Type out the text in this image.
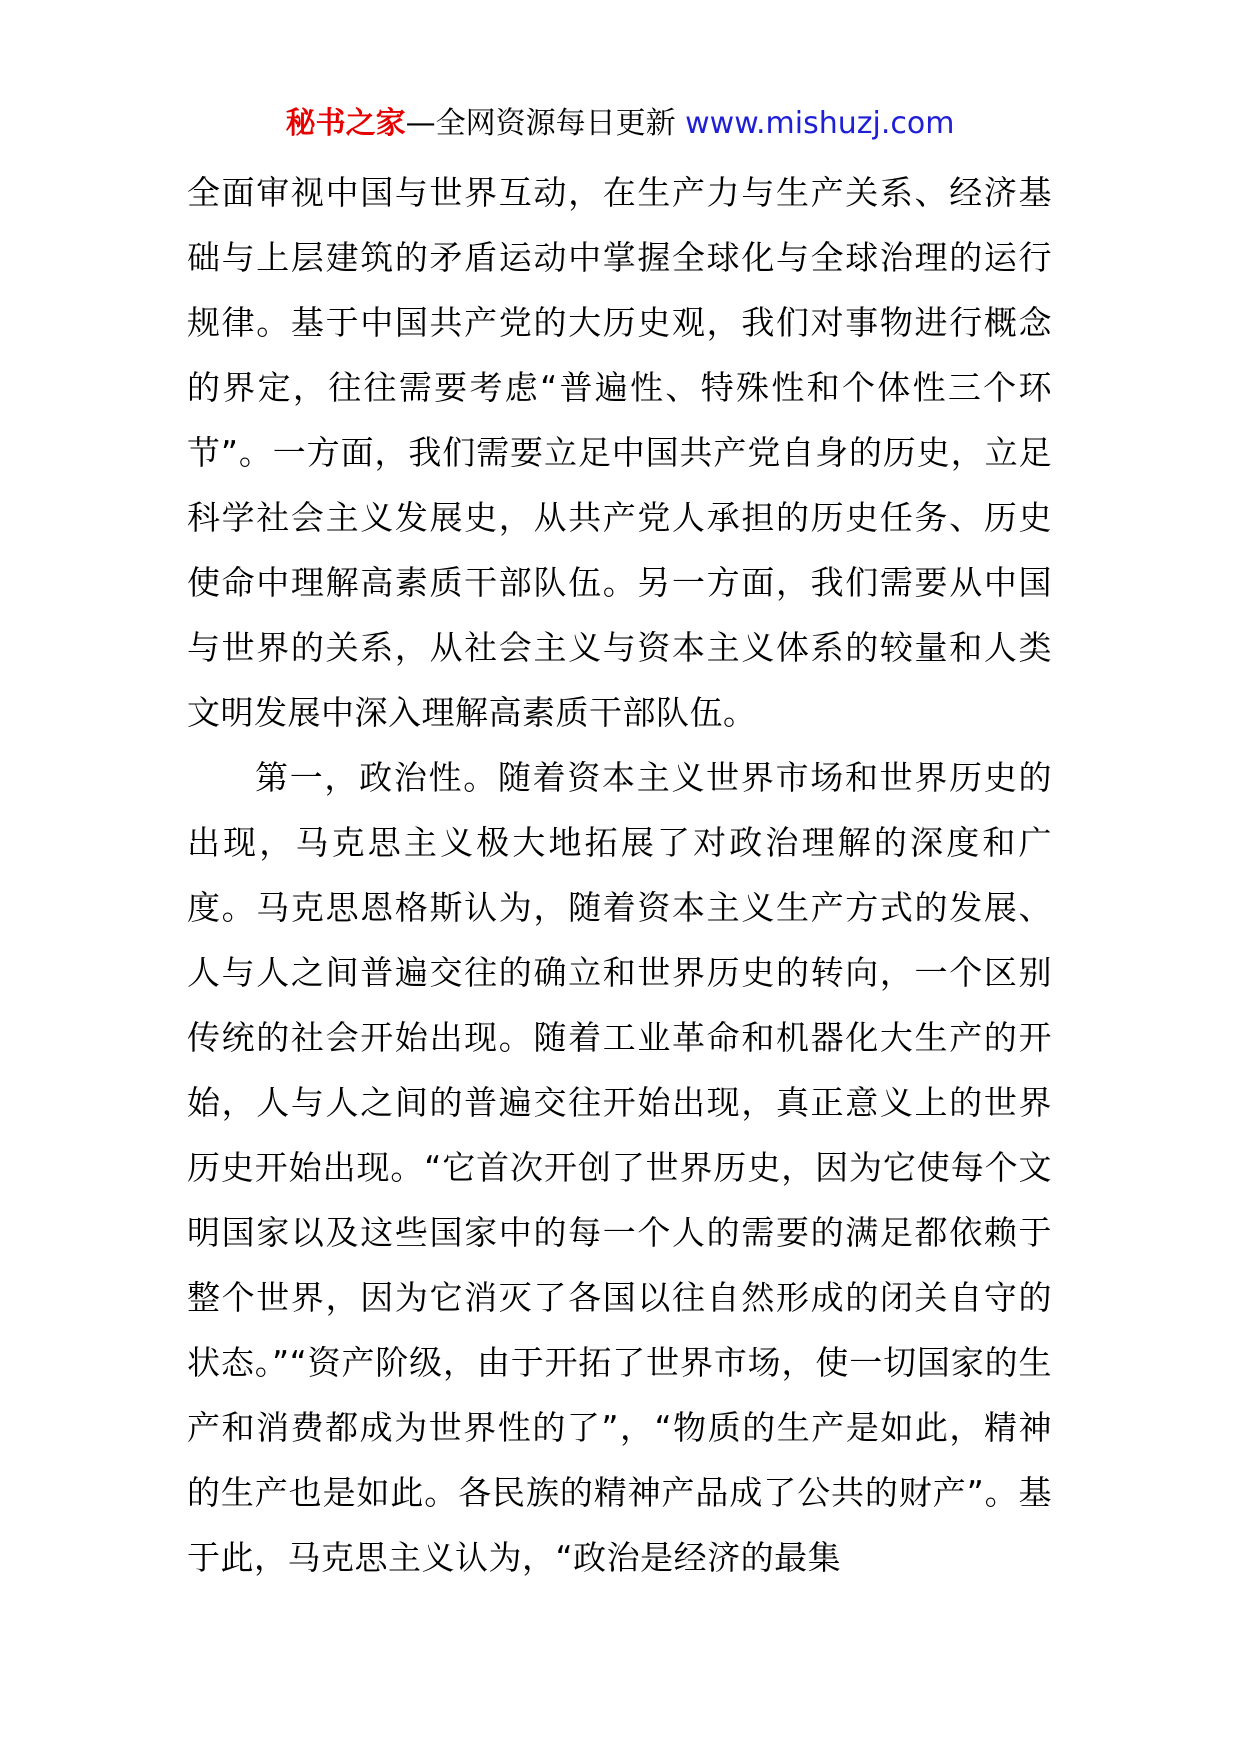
秘书之家—全网资源每日更新 www.mishuzj.com

全面审视中国与世界互动，在生产力与生产关系、经济基础与上层建筑的矛盾运动中掌握全球化与全球治理的运行规律。基于中国共产党的大历史观，我们对事物进行概念的界定，往往需要考虑“普遍性、特殊性和个体性三个环节”。一方面，我们需要立足中国共产党自身的历史，立足科学社会主义发展史，从共产党人承担的历史任务、历史使命中理解高素质干部队伍。另一方面，我们需要从中国与世界的关系，从社会主义与资本主义体系的较量和人类文明发展中深入理解高素质干部队伍。

第一，政治性。随着资本主义世界市场和世界历史的出现，马克思主义极大地拓展了对政治理解的深度和广度。马克思恩格斯认为，随着资本主义生产方式的发展、人与人之间普遍交往的确立和世界历史的转向，一个区别传统的社会开始出现。随着工业革命和机器化大生产的开始，人与人之间的普遍交往开始出现，真正意义上的世界历史开始出现。“它首次开创了世界历史，因为它使每个文明国家以及这些国家中的每一个人的需要的满足都依赖于整个世界，因为它消灭了各国以往自然形成的闭关自守的状态。”“资产阶级，由于开拓了世界市场，使一切国家的生产和消费都成为世界性的了”，“物质的生产是如此，精神的生产也是如此。各民族的精神产品成了公共的财产”。基于此，马克思主义认为，“政治是经济的最集
